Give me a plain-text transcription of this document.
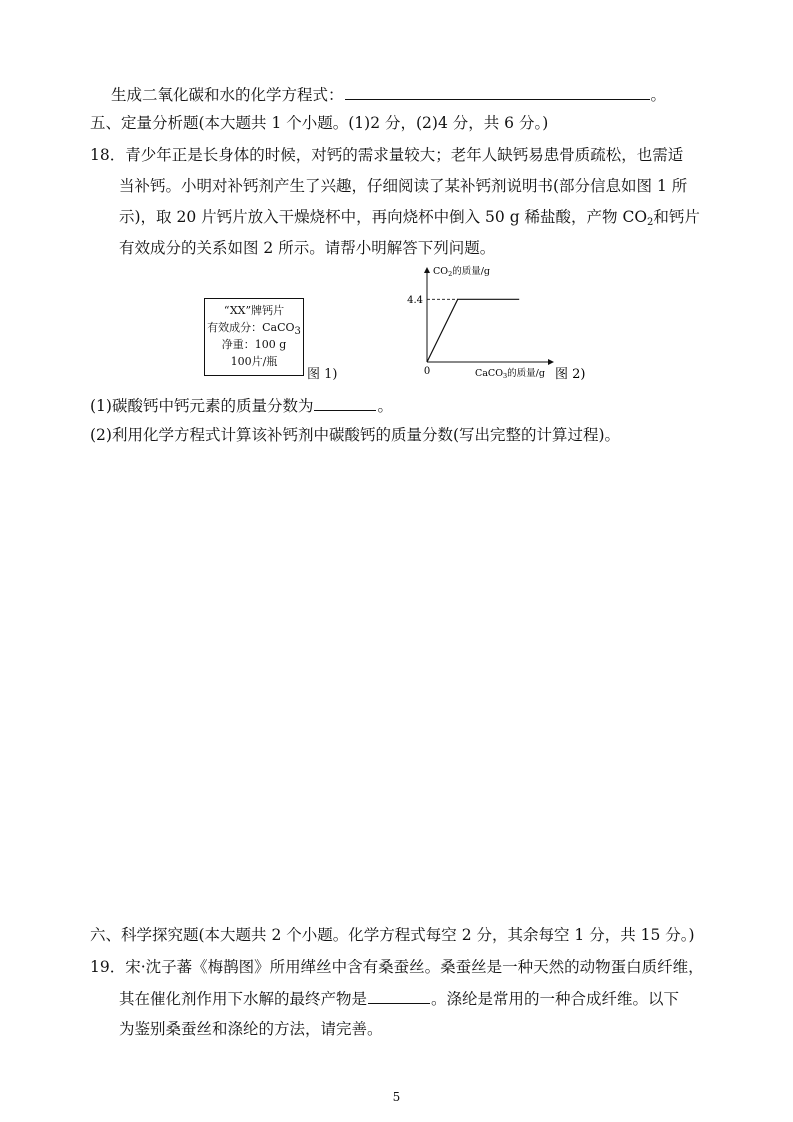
生成二氧化碳和水的化学方程式：	。
五、定量分析题(本大题共 1 个小题。(1)2 分，(2)4 分，共 6 分。)
18．青少年正是长身体的时候，对钙的需求量较大；老年人缺钙易患骨质疏松，也需适
当补钙。小明对补钙剂产生了兴趣，仔细阅读了某补钙剂说明书(部分信息如图 1 所
示)，取 20 片钙片放入干燥烧杯中，再向烧杯中倒入 50 g 稀盐酸，产物 $CO_2$和钙片
有效成分的关系如图 2 所示。请帮小明解答下列问题。
“XX”牌钙片
有效成分：CaCO$_3$
净重：100 g
100片/瓶
图 1)
4.4
0
$CO_2$的质量/g
CaCO$_3$的质量/g 图 2)
(1)碳酸钙中钙元素的质量分数为	。
(2)利用化学方程式计算该补钙剂中碳酸钙的质量分数(写出完整的计算过程)。
六、科学探究题(本大题共 2 个小题。化学方程式每空 2 分，其余每空 1 分，共 15 分。)
19．宋·沈子蕃《梅鹊图》所用缂丝中含有桑蚕丝。桑蚕丝是一种天然的动物蛋白质纤维，
其在催化剂作用下水解的最终产物是	。涤纶是常用的一种合成纤维。以下
为鉴别桑蚕丝和涤纶的方法，请完善。
5
